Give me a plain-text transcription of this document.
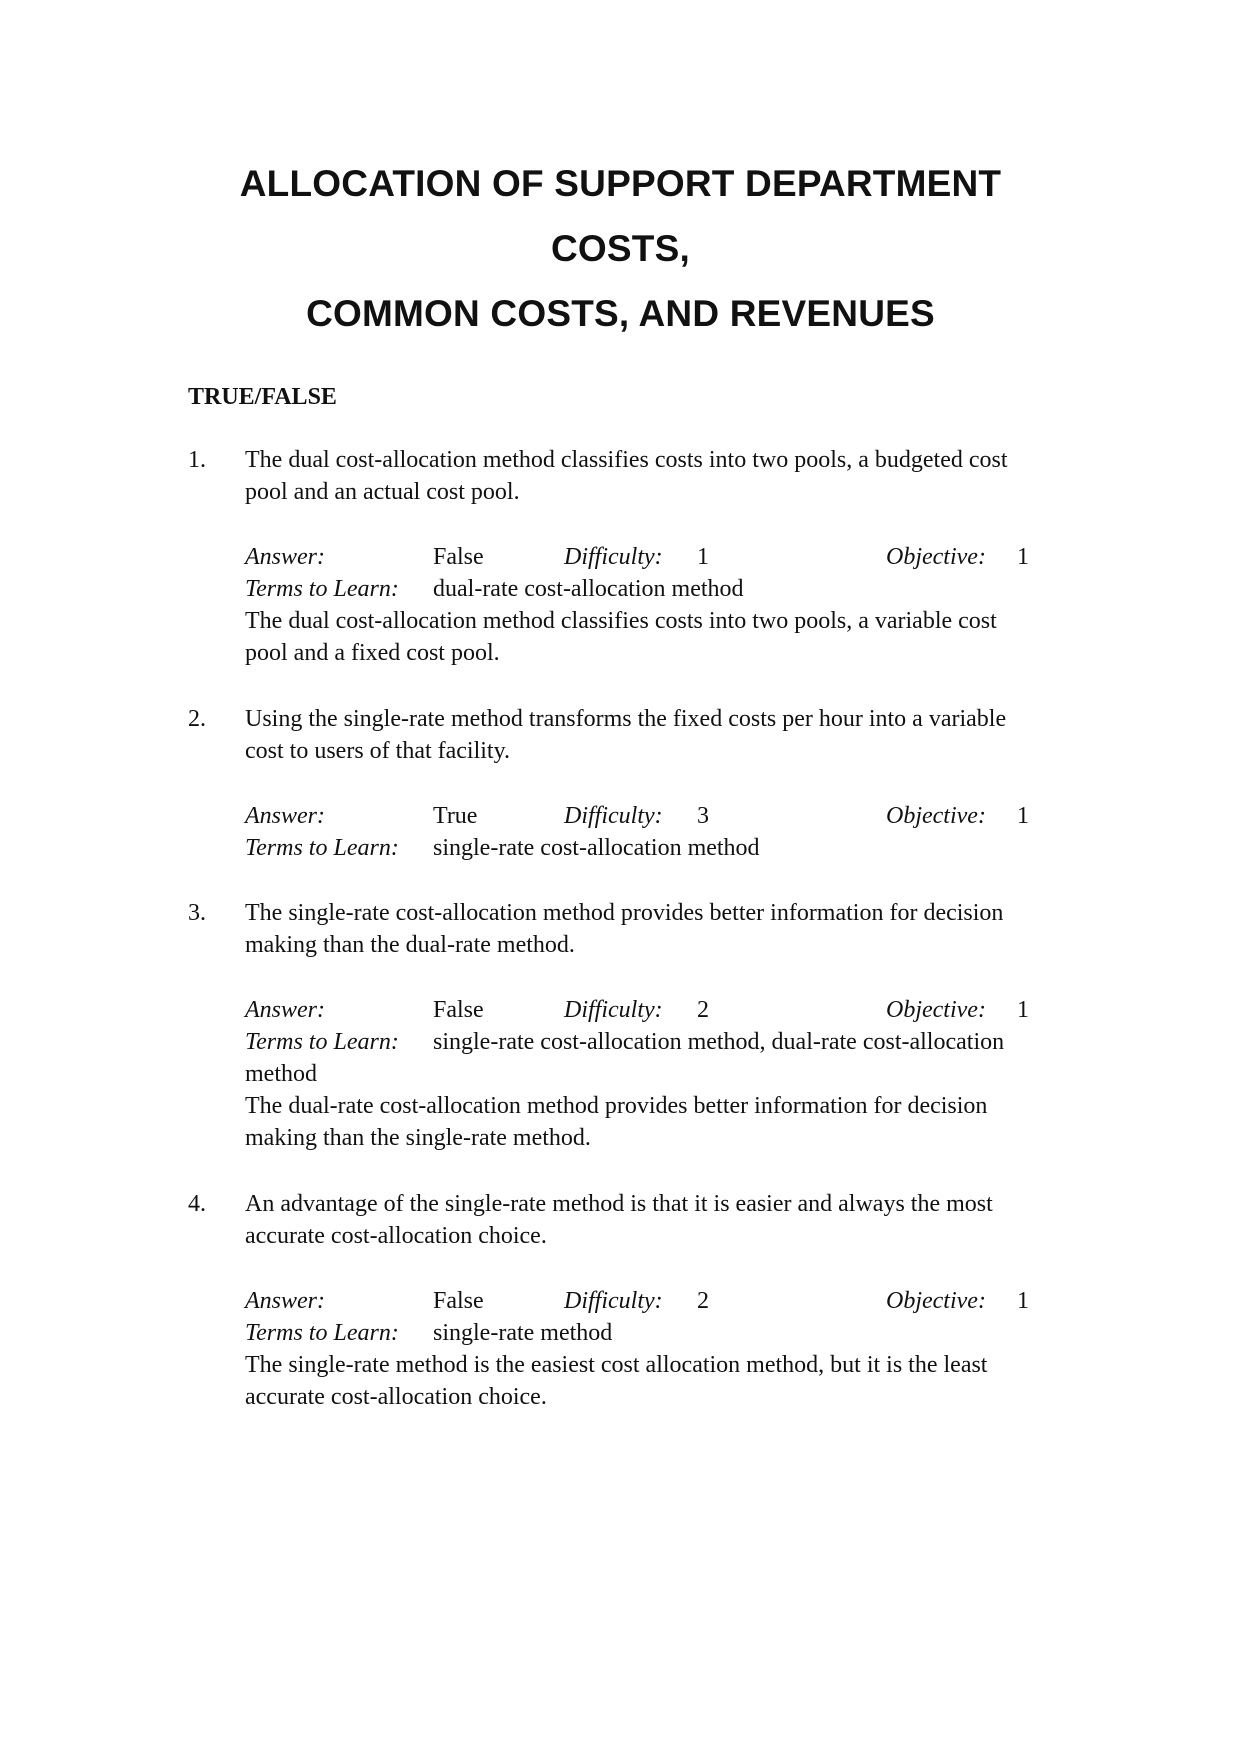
ALLOCATION OF SUPPORT DEPARTMENT
COSTS,
COMMON COSTS, AND REVENUES
TRUE/FALSE
1. The dual cost-allocation method classifies costs into two pools, a budgeted cost
pool and an actual cost pool.
Answer:	False	Difficulty: 1	Objective: 1
Terms to Learn: dual-rate cost-allocation method
The dual cost-allocation method classifies costs into two pools, a variable cost
pool and a fixed cost pool.
2. Using the single-rate method transforms the fixed costs per hour into a variable
cost to users of that facility.
Answer:	True	Difficulty: 3	Objective: 1
Terms to Learn: single-rate cost-allocation method
3. The single-rate cost-allocation method provides better information for decision
making than the dual-rate method.
Answer:	False	Difficulty: 2	Objective: 1
Terms to Learn: single-rate cost-allocation method, dual-rate cost-allocation
method
The dual-rate cost-allocation method provides better information for decision
making than the single-rate method.
4. An advantage of the single-rate method is that it is easier and always the most
accurate cost-allocation choice.
Answer:	False	Difficulty: 2	Objective: 1
Terms to Learn: single-rate method
The single-rate method is the easiest cost allocation method, but it is the least
accurate cost-allocation choice.
